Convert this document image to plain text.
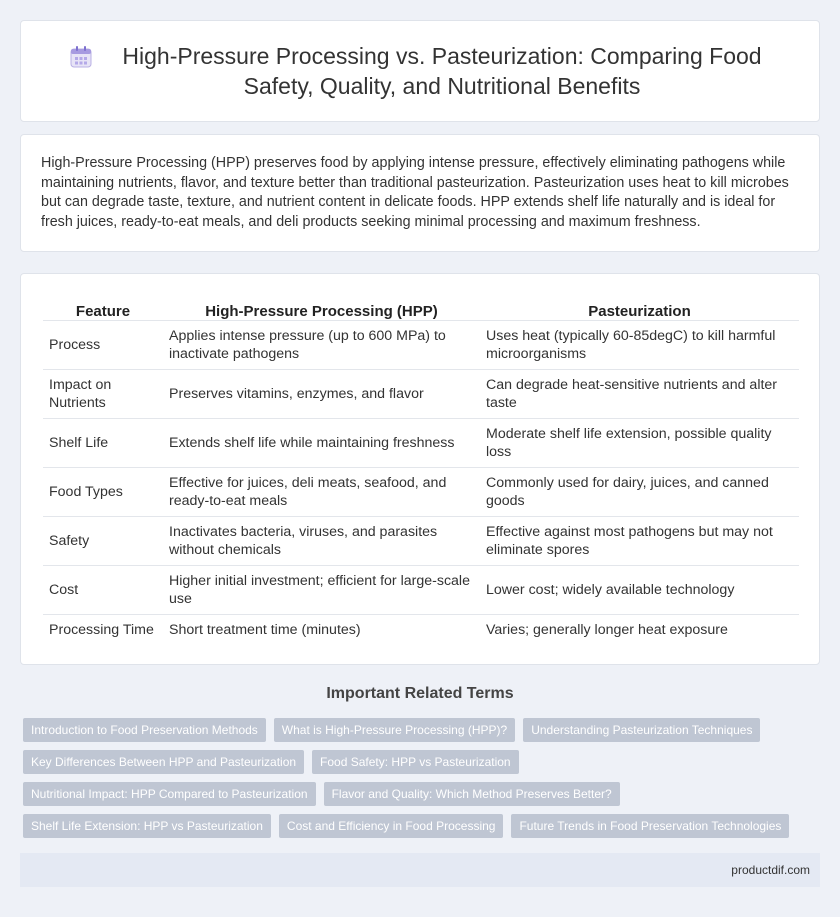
High-Pressure Processing vs. Pasteurization: Comparing Food Safety, Quality, and Nutritional Benefits

High-Pressure Processing (HPP) preserves food by applying intense pressure, effectively eliminating pathogens while maintaining nutrients, flavor, and texture better than traditional pasteurization. Pasteurization uses heat to kill microbes but can degrade taste, texture, and nutrient content in delicate foods. HPP extends shelf life naturally and is ideal for fresh juices, ready-to-eat meals, and deli products seeking minimal processing and maximum freshness.

Feature	High-Pressure Processing (HPP)	Pasteurization
Process	Applies intense pressure (up to 600 MPa) to inactivate pathogens	Uses heat (typically 60-85degC) to kill harmful microorganisms
Impact on Nutrients	Preserves vitamins, enzymes, and flavor	Can degrade heat-sensitive nutrients and alter taste
Shelf Life	Extends shelf life while maintaining freshness	Moderate shelf life extension, possible quality loss
Food Types	Effective for juices, deli meats, seafood, and ready-to-eat meals	Commonly used for dairy, juices, and canned goods
Safety	Inactivates bacteria, viruses, and parasites without chemicals	Effective against most pathogens but may not eliminate spores
Cost	Higher initial investment; efficient for large-scale use	Lower cost; widely available technology
Processing Time	Short treatment time (minutes)	Varies; generally longer heat exposure
Important Related Terms
Introduction to Food Preservation Methods	What is High-Pressure Processing (HPP)?	Understanding Pasteurization Techniques
Key Differences Between HPP and Pasteurization	Food Safety: HPP vs Pasteurization
Nutritional Impact: HPP Compared to Pasteurization	Flavor and Quality: Which Method Preserves Better?
Shelf Life Extension: HPP vs Pasteurization	Cost and Efficiency in Food Processing	Future Trends in Food Preservation Technologies
productdif.com
